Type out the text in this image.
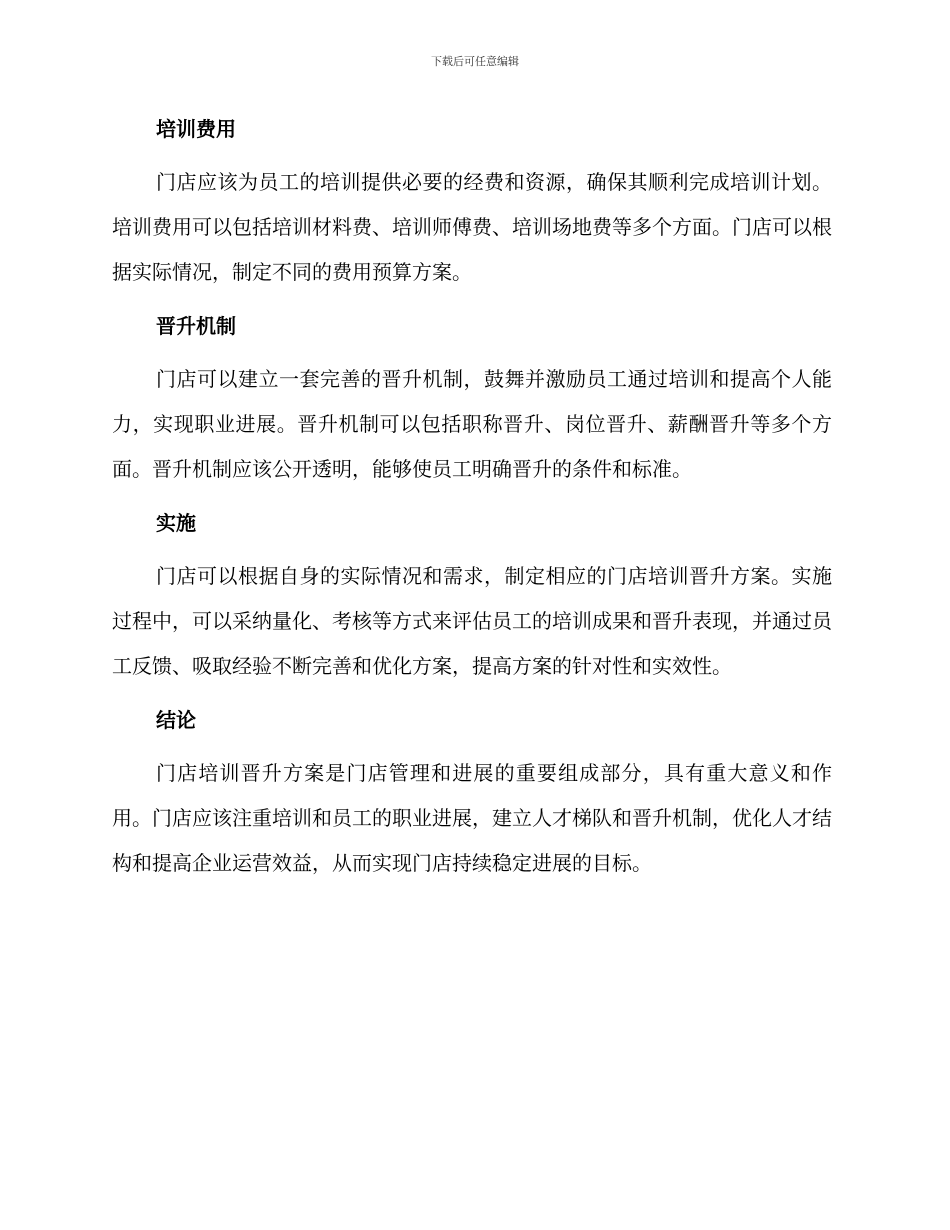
下载后可任意编辑
培训费用

门店应该为员工的培训提供必要的经费和资源，确保其顺利完成培训计划。培训费用可以包括培训材料费、培训师傅费、培训场地费等多个方面。门店可以根据实际情况，制定不同的费用预算方案。

晋升机制

门店可以建立一套完善的晋升机制，鼓舞并激励员工通过培训和提高个人能力，实现职业进展。晋升机制可以包括职称晋升、岗位晋升、薪酬晋升等多个方面。晋升机制应该公开透明，能够使员工明确晋升的条件和标准。

实施

门店可以根据自身的实际情况和需求，制定相应的门店培训晋升方案。实施过程中，可以采纳量化、考核等方式来评估员工的培训成果和晋升表现，并通过员工反馈、吸取经验不断完善和优化方案，提高方案的针对性和实效性。

结论

门店培训晋升方案是门店管理和进展的重要组成部分，具有重大意义和作用。门店应该注重培训和员工的职业进展，建立人才梯队和晋升机制，优化人才结构和提高企业运营效益，从而实现门店持续稳定进展的目标。
